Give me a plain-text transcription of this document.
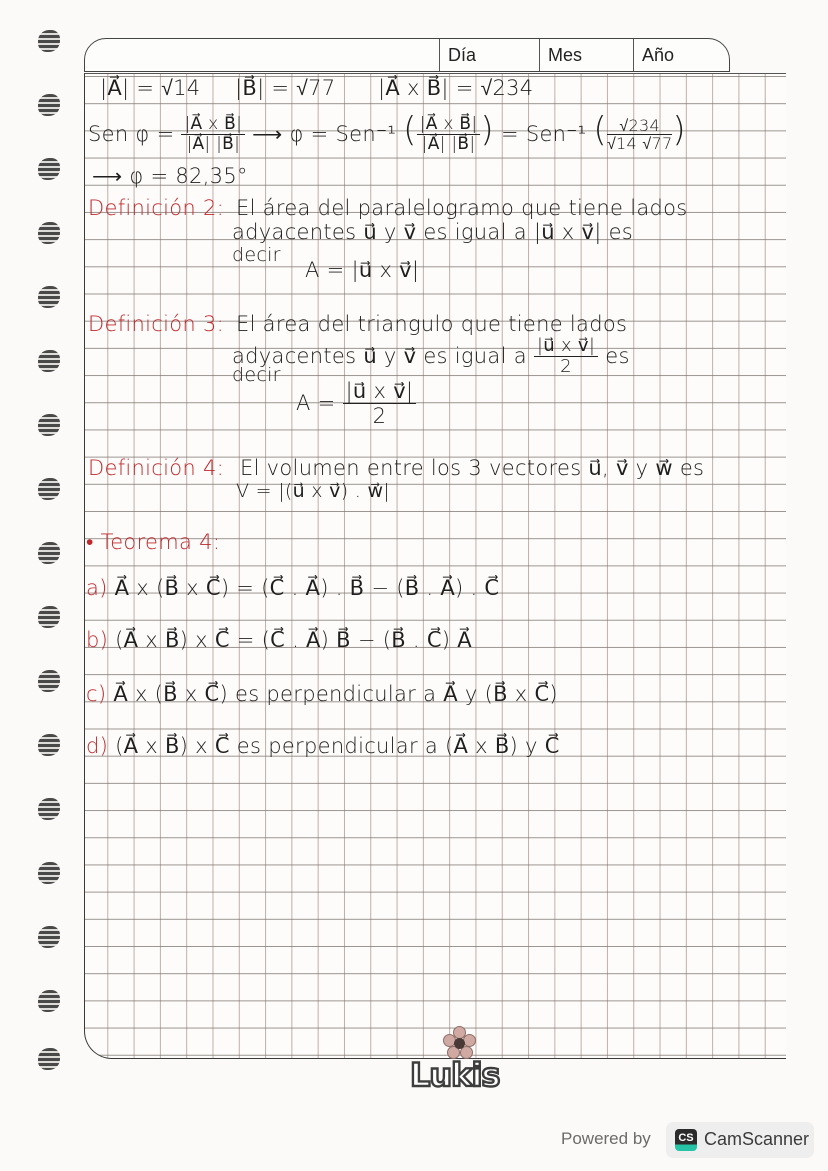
Día	Mes	Año
|A⃗| = √14 |B⃗| = √77 |A⃗ x B⃗| = √234
Sen $\varphi = \frac{\text{|A⃗ x B⃗|}}{|A⃗| |B⃗|}$ ⟶ φ = Sen⁻¹ ( $\frac{\text{|A⃗ x B⃗|}}{|A⃗| |B⃗|}$ ) = Sen⁻¹ ( $\frac{√234}{√14 √77}$ )
⟶ φ = 82,35°
Definición 2: El área del paralelogramo que tiene lados
adyacentes u⃗ y v⃗ es igual a |u⃗ x v⃗| es
decir
A = |u⃗ x v⃗|
Definición 3: El área del triangulo que tiene lados
adyacentes u⃗ y v⃗ es igual a $\frac{\text{|u⃗ x v⃗|}}{2}$ es
decir
$A = \frac{\text{|u⃗ x v⃗|}}{2}$
Definición 4: El volumen entre los 3 vectores u⃗, v⃗ y w⃗ es
V = |(u⃗ x v⃗) . w⃗|
• Teorema 4:
a) A⃗ x (B⃗ x C⃗) = (C⃗ . A⃗) . B⃗ − (B⃗ . A⃗) . C⃗
b) (A⃗ x B⃗) x C⃗ = (C⃗ . A⃗) B⃗ − (B⃗ . C⃗) A⃗
c) A⃗ x (B⃗ x C⃗) es perpendicular a A⃗ y (B⃗ x C⃗)
d) (A⃗ x B⃗) x C⃗ es perpendicular a (A⃗ x B⃗) y C⃗
Lukis
Powered by	CS CamScanner
